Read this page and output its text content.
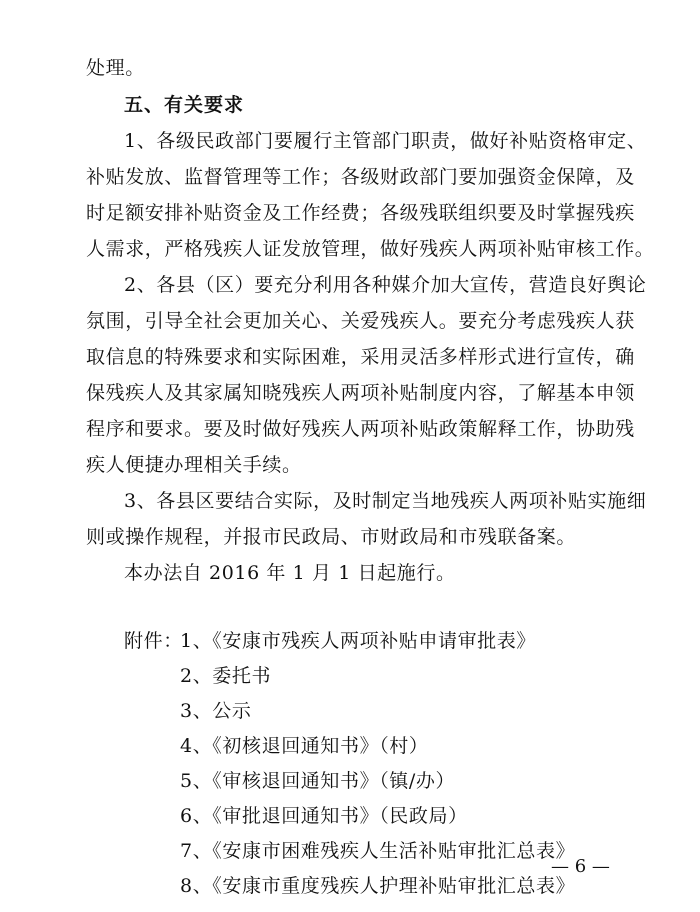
处理。
五、有关要求
1、各级民政部门要履行主管部门职责，做好补贴资格审定、
补贴发放、监督管理等工作；各级财政部门要加强资金保障，及
时足额安排补贴资金及工作经费；各级残联组织要及时掌握残疾
人需求，严格残疾人证发放管理，做好残疾人两项补贴审核工作。
2、各县（区）要充分利用各种媒介加大宣传，营造良好舆论
氛围，引导全社会更加关心、关爱残疾人。要充分考虑残疾人获
取信息的特殊要求和实际困难，采用灵活多样形式进行宣传，确
保残疾人及其家属知晓残疾人两项补贴制度内容，了解基本申领
程序和要求。要及时做好残疾人两项补贴政策解释工作，协助残
疾人便捷办理相关手续。
3、各县区要结合实际，及时制定当地残疾人两项补贴实施细
则或操作规程，并报市民政局、市财政局和市残联备案。
本办法自 2016 年 1 月 1 日起施行。
附件：
1、《安康市残疾人两项补贴申请审批表》
2、委托书
3、公示
4、《初核退回通知书》（村）
5、《审核退回通知书》（镇/办）
6、《审批退回通知书》（民政局）
7、《安康市困难残疾人生活补贴审批汇总表》
8、《安康市重度残疾人护理补贴审批汇总表》
— 6 —
